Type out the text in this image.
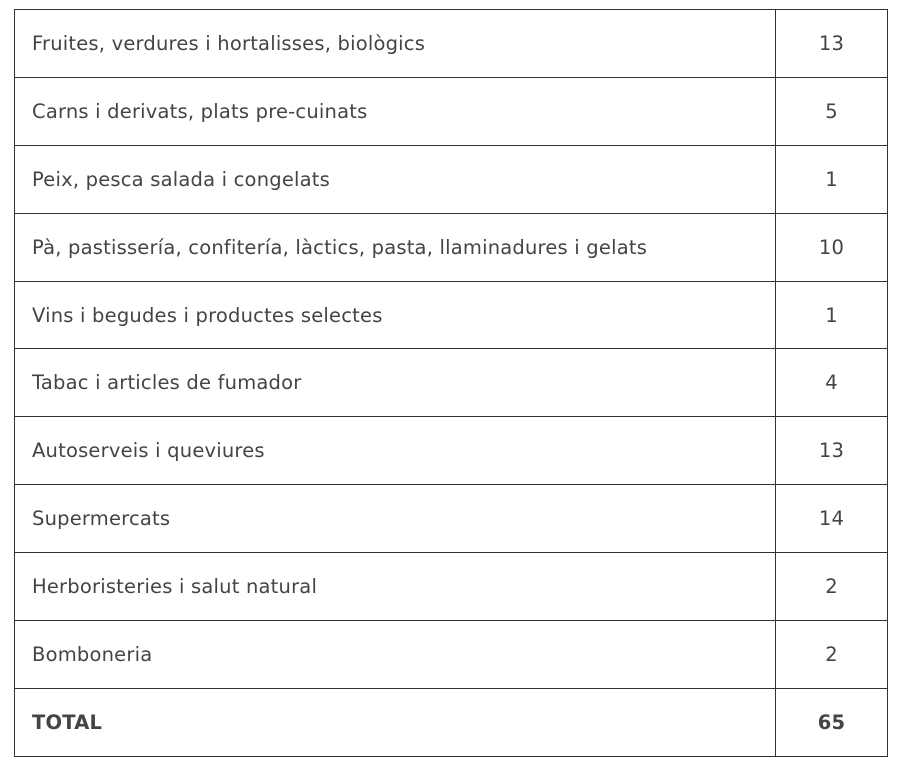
Fruites, verdures i hortalisses, biològics	13
Carns i derivats, plats pre-cuinats	5
Peix, pesca salada i congelats	1
Pà, pastissería, confitería, làctics, pasta, llaminadures i gelats	10
Vins i begudes i productes selectes	1
Tabac i articles de fumador	4
Autoserveis i queviures	13
Supermercats	14
Herboristeries i salut natural	2
Bomboneria	2
TOTAL	65
